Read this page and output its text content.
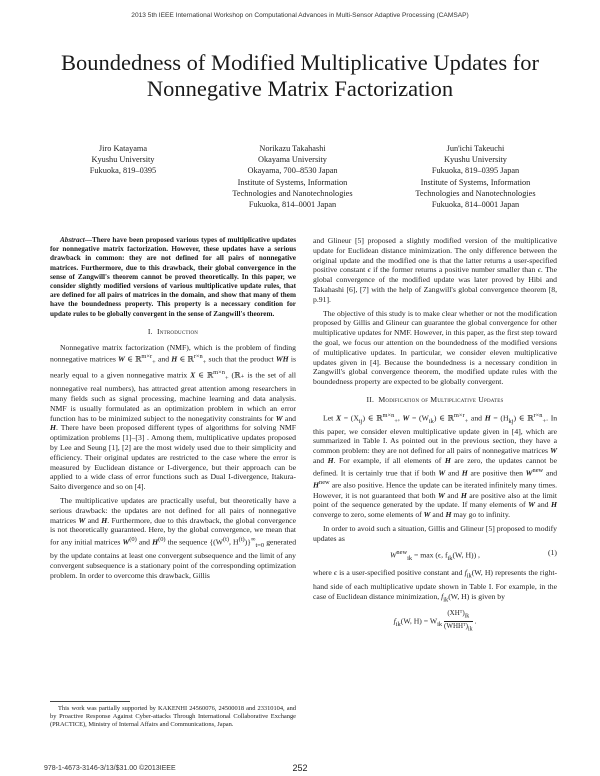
2013 5th IEEE International Workshop on Computational Advances in Multi-Sensor Adaptive Processing (CAMSAP)
Boundedness of Modified Multiplicative Updates for
Nonnegative Matrix Factorization
Jiro Katayama
Kyushu University
Fukuoka, 819–0395
Norikazu Takahashi
Okayama University
Okayama, 700–8530 Japan
Institute of Systems, Information
Technologies and Nanotechnologies
Fukuoka, 814–0001 Japan
Jun'ichi Takeuchi
Kyushu University
Fukuoka, 819–0395 Japan
Institute of Systems, Information
Technologies and Nanotechnologies
Fukuoka, 814–0001 Japan

Abstract—There have been proposed various types of multiplicative updates for nonnegative matrix factorization. However, these updates have a serious drawback in common: they are not defined for all pairs of nonnegative matrices. Furthermore, due to this drawback, their global convergence in the sense of Zangwill's theorem cannot be proved theoretically. In this paper, we consider slightly modified versions of various multiplicative update rules, that are defined for all pairs of matrices in the domain, and show that many of them have the boundedness property. This property is a necessary condition for update rules to be globally convergent in the sense of Zangwill's theorem.

I. Introduction

Nonnegative matrix factorization (NMF), which is the problem of finding nonnegative matrices W ∈ ℝ$^{m\times r}_+$ and H ∈ ℝ$^{r\times n}_+$ such that the product WH is nearly equal to a given nonnegative matrix X ∈ ℝ$^{m\times n}_+$ (ℝ₊ is the set of all nonnegative real numbers), has attracted great attention among researchers in many fields such as signal processing, machine learning and data analysis. NMF is usually formulated as an optimization problem in which an error function has to be minimized subject to the nonegativity constraints for W and H. There have been proposed different types of algorithms for solving NMF optimization problems [1]–[3] . Among them, multiplicative updates proposed by Lee and Seung [1], [2] are the most widely used due to their simplicity and efficiency. Their original updates are restricted to the case where the error is measured by Euclidean distance or I-divergence, but their approach can be applied to a wide class of error functions such as Dual I-divergence, Itakura-Saito divergence and so on [4].

The multiplicative updates are practically useful, but theoretically have a serious drawback: the updates are not defined for all pairs of nonnegative matrices W and H. Furthermore, due to this drawback, the global convergence is not theoretically guaranteed. Here, by the global convergence, we mean that for any initial matrices $W^{(0)}$ and $H^{(0)}$ the sequence {($W^{(t)}$, $H^{(t)})\}^\infty_{t=0}$ generated by the update contains at least one convergent subsequence and the limit of any convergent subsequence is a stationary point of the corresponding optimization problem. In order to overcome this drawback, Gillis

This work was partially supported by KAKENHI 24560076, 24500018 and 23310104, and by Proactive Response Against Cyber-attacks Through International Collaborative Exchange (PRACTICE), Ministry of Internal Affairs and Communications, Japan.

and Glineur [5] proposed a slightly modified version of the multiplicative update for Euclidean distance minimization. The only difference between the original update and the modified one is that the latter returns a user-specified positive constant ϵ if the former returns a positive number smaller than ϵ. The global convergence of the modified update was later proved by Hibi and Takahashi [6], [7] with the help of Zangwill's global convergence theorem [8, p.91].

The objective of this study is to make clear whether or not the modification proposed by Gillis and Glineur can guarantee the global convergence for other multiplicative updates for NMF. However, in this paper, as the first step toward the goal, we focus our attention on the boundedness of the modified versions of multiplicative updates. In particular, we consider eleven multiplicative updates given in [4]. Because the boundedness is a necessary condition in Zangwill's global convergence theorem, the modified update rules with the boundedness property are expected to be globally convergent.

II. Modification of Multiplicative Updates

Let $X = (X_{ij})$ ∈ ℝ$^{m\times n}_+$, $W = (W_{ik})$ ∈ ℝ$^{m\times r}_+$ and $H = (H_{kj})$ ∈ ℝ$^{r\times n}_+$. In this paper, we consider eleven multiplicative update given in [4], which are summarized in Table I. As pointed out in the previous section, they have a common problem: they are not defined for all pairs of nonnegative matrices W and H. For example, if all elements of H are zero, the updates cannot be defined. It is certainly true that if both W and H are positive then $W^{new}$ and $H^{new}$ are also positive. Hence the update can be iterated infinitely many times. However, it is not guaranteed that both W and H are positive also at the limit point of the sequence generated by the update. If many elements of W and H converge to zero, some elements of W and H may go to infinity.

In order to avoid such a situation, Gillis and Glineur [5] proposed to modify updates as

$W^{new}_{ik} = \max (\epsilon$, $f_{ik}(W$, H)) ,	(1)

where ϵ is a user-specified positive constant and $f_{ik}(W$, H) represents the right-hand side of each multiplicative update shown in Table I. For example, in the case of Euclidean distance minimization, $f_{ik}(W$, H) is given by

$f_{ik}(W$, $H) = W_{ik} \frac{(XHᵀ)_{ik}}{(WHHᵀ)_{ik}}$ .
978-1-4673-3146-3/13/$31.00 ©2013IEEE	252
